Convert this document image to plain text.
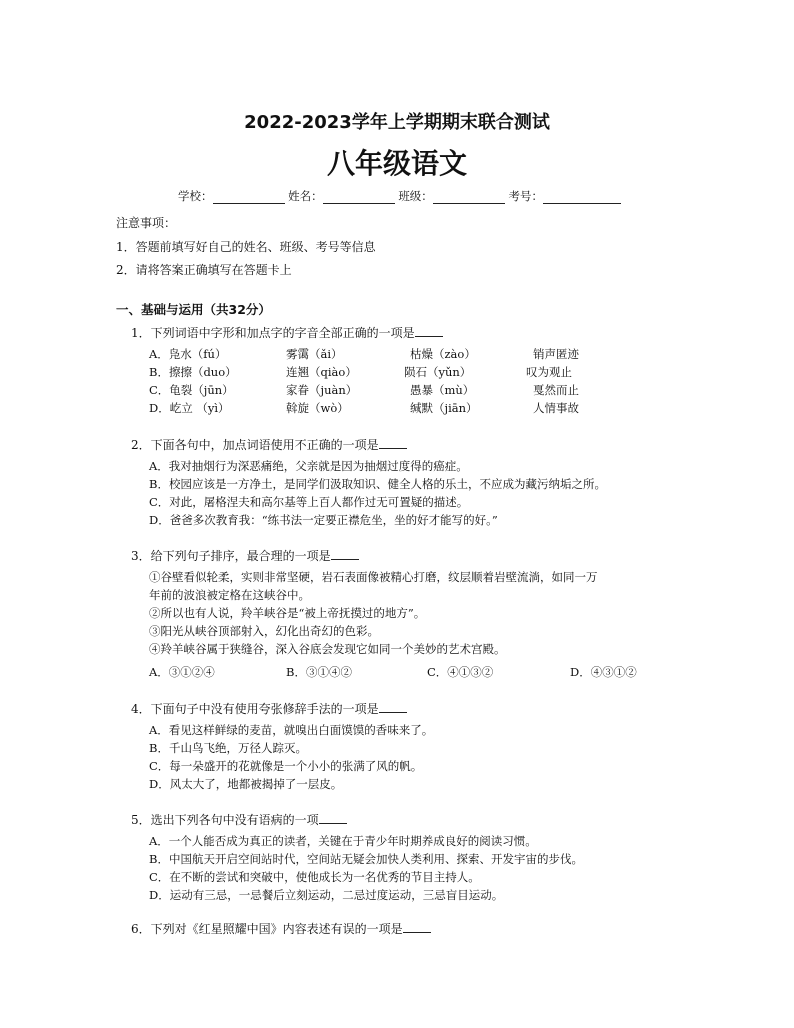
2022-2023学年上学期期末联合测试
八年级语文
学校：	姓名：	班级：	考号：
注意事项：
1．答题前填写好自己的姓名、班级、考号等信息
2．请将答案正确填写在答题卡上
一、基础与运用（共32分）
1．下列词语中字形和加点字的字音全部正确的一项是
A．凫水（fú）	雾霭（ǎi）	枯燥（zào）	销声匿迹
B．擦擦（duo）	连翘（qiào）	陨石（yǔn）	叹为观止
C．龟裂（jūn）	家眷（juàn）	愚暴（mù）	戛然而止
D．屹立 （yì）	斡旋（wò）	缄默（jiān）	人情事故
2．下面各句中，加点词语使用不正确的一项是
A．我对抽烟行为深恶痛绝，父亲就是因为抽烟过度得的癌症。
B．校园应该是一方净土，是同学们汲取知识、健全人格的乐土，不应成为藏污纳垢之所。
C．对此，屠格涅夫和高尔基等上百人都作过无可置疑的描述。
D．爸爸多次教育我：“练书法一定要正襟危坐，坐的好才能写的好。”
3．给下列句子排序，最合理的一项是
①谷壁看似轮柔，实则非常坚硬，岩石表面像被精心打磨，纹层顺着岩壁流淌，如同一万
年前的波浪被定格在这峡谷中。
②所以也有人说，羚羊峡谷是“被上帝抚摸过的地方”。
③阳光从峡谷顶部射入，幻化出奇幻的色彩。
④羚羊峡谷属于狭缝谷，深入谷底会发现它如同一个美妙的艺术宫殿。
A．③①②④	B．③①④②	C．④①③②	D．④③①②
4．下面句子中没有使用夸张修辞手法的一项是
A．看见这样鲜绿的麦苗，就嗅出白面馍馍的香味来了。
B．千山鸟飞绝，万径人踪灭。
C．每一朵盛开的花就像是一个小小的张满了风的帆。
D．风太大了，地都被揭掉了一层皮。
5．选出下列各句中没有语病的一项
A．一个人能否成为真正的读者，关键在于青少年时期养成良好的阅读习惯。
B．中国航天开启空间站时代，空间站无疑会加快人类利用、探索、开发宇宙的步伐。
C．在不断的尝试和突破中，使他成长为一名优秀的节目主持人。
D．运动有三忌，一忌餐后立刻运动，二忌过度运动，三忌盲目运动。
6．下列对《红星照耀中国》内容表述有误的一项是
